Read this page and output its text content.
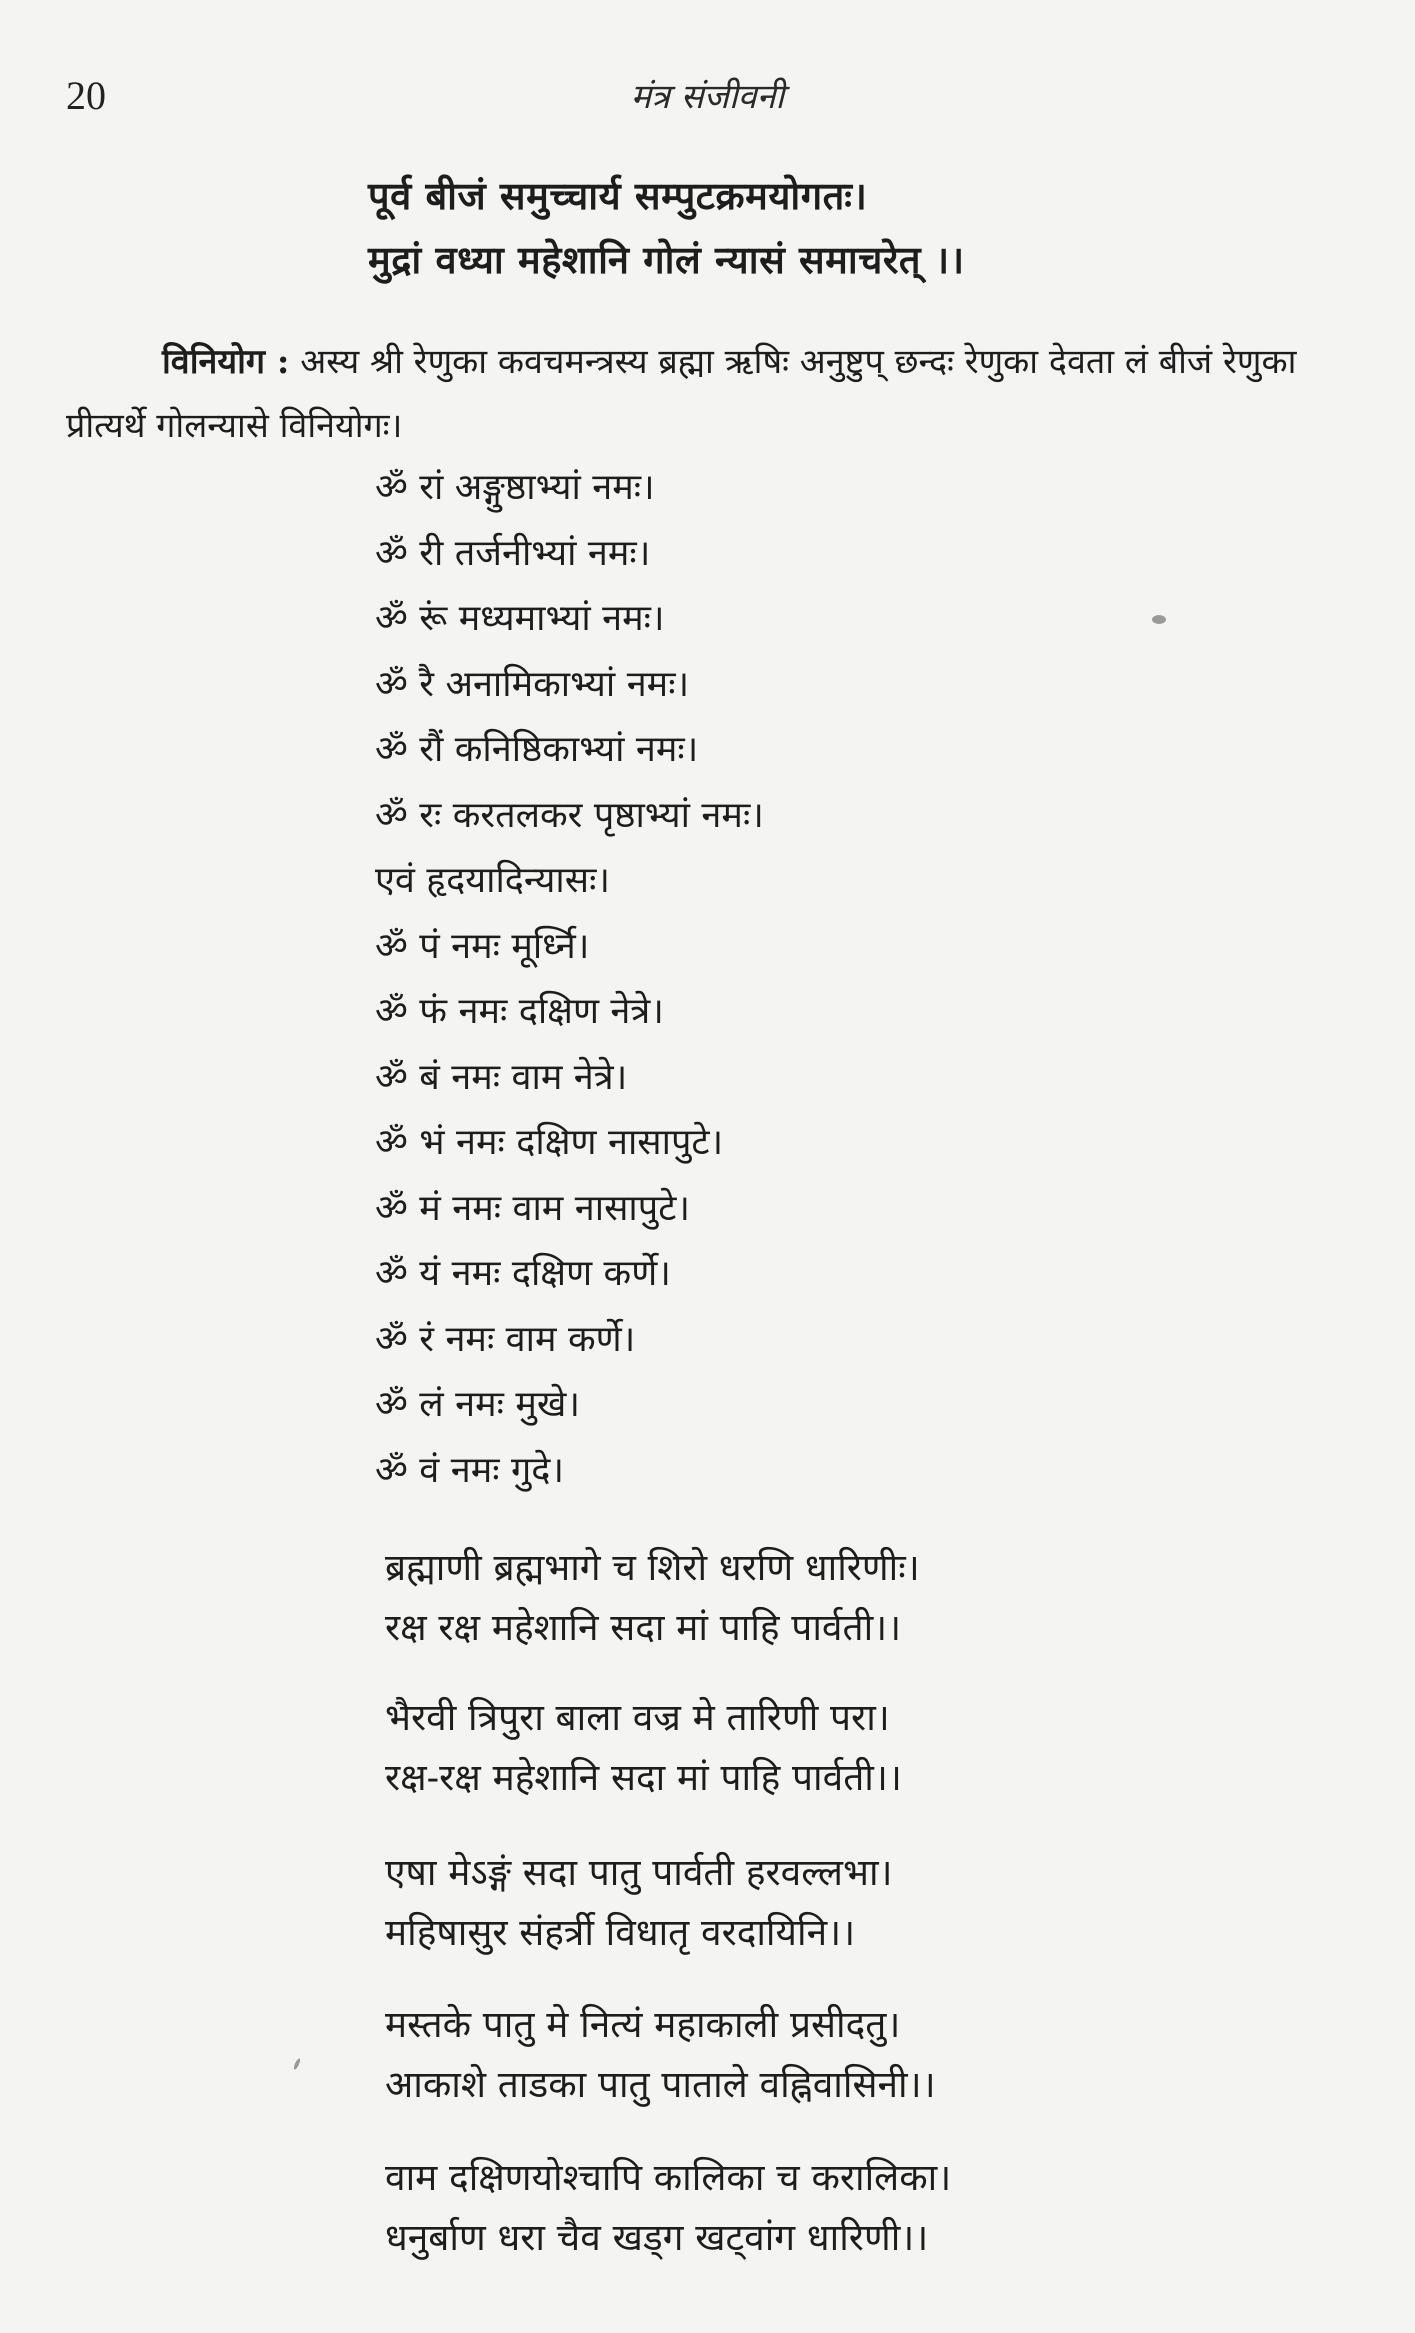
20	मंत्र संजीवनी
पूर्व बीजं समुच्चार्य सम्पुटक्रमयोगतः।
मुद्रां वध्या महेशानि गोलं न्यासं समाचरेत् ।।
विनियोग : अस्य श्री रेणुका कवचमन्त्रस्य ब्रह्मा ऋषिः अनुष्टुप् छन्दः रेणुका देवता लं बीजं रेणुका प्रीत्यर्थे गोलन्यासे विनियोगः।
ॐ रां अङ्गुष्ठाभ्यां नमः।
ॐ री तर्जनीभ्यां नमः।
ॐ रूं मध्यमाभ्यां नमः।
ॐ रै अनामिकाभ्यां नमः।
ॐ रौं कनिष्ठिकाभ्यां नमः।
ॐ रः करतलकर पृष्ठाभ्यां नमः।
एवं हृदयादिन्यासः।
ॐ पं नमः मूर्ध्नि।
ॐ फं नमः दक्षिण नेत्रे।
ॐ बं नमः वाम नेत्रे।
ॐ भं नमः दक्षिण नासापुटे।
ॐ मं नमः वाम नासापुटे।
ॐ यं नमः दक्षिण कर्णे।
ॐ रं नमः वाम कर्णे।
ॐ लं नमः मुखे।
ॐ वं नमः गुदे।
ब्रह्माणी ब्रह्मभागे च शिरो धरणि धारिणीः।
रक्ष रक्ष महेशानि सदा मां पाहि पार्वती।।
भैरवी त्रिपुरा बाला वज्र मे तारिणी परा।
रक्ष-रक्ष महेशानि सदा मां पाहि पार्वती।।
एषा मेऽङ्गं सदा पातु पार्वती हरवल्लभा।
महिषासुर संहर्त्री विधातृ वरदायिनि।।
मस्तके पातु मे नित्यं महाकाली प्रसीदतु।
आकाशे ताडका पातु पाताले वह्निवासिनी।।
वाम दक्षिणयोश्चापि कालिका च करालिका।
धनुर्बाण धरा चैव खड्ग खट्वांग धारिणी।।
